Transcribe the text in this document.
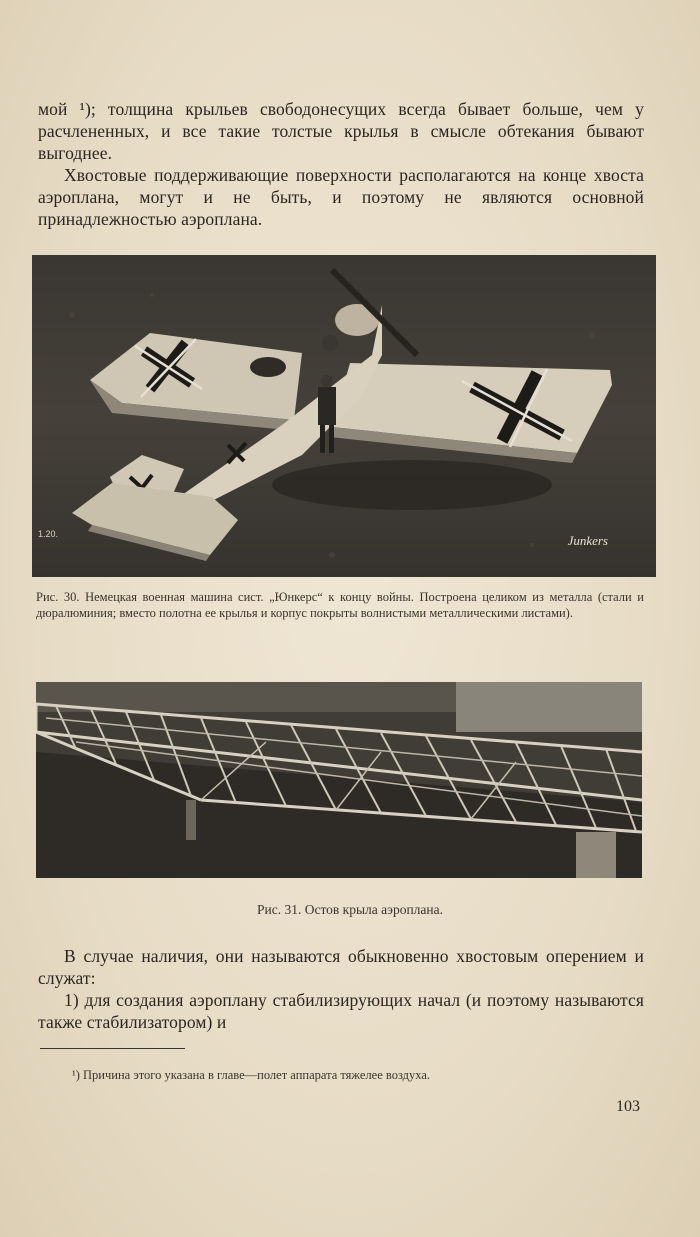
мой ¹); толщина крыльев свободонесущих всегда бывает больше, чем у расчлененных, и все такие толстые крылья в смысле обтекания бывают выгоднее.

Хвостовые поддерживающие поверхности располагаются на конце хвоста аэроплана, могут и не быть, и поэтому не являются основной принадлежностью аэроплана.

Junkers
1.20.
Рис. 30. Немецкая военная машина сист. „Юнкерс“ к концу войны. Построена целиком из металла (стали и дюралюминия; вместо полотна ее крылья и корпус покрыты волнистыми металлическими листами).
Рис. 31. Остов крыла аэроплана.

В случае наличия, они называются обыкновенно хвостовым оперением и служат:

1) для создания аэроплану стабилизирующих начал (и поэтому называются также стабилизатором) и

¹) Причина этого указана в главе—полет аппарата тяжелее воздуха.
103
